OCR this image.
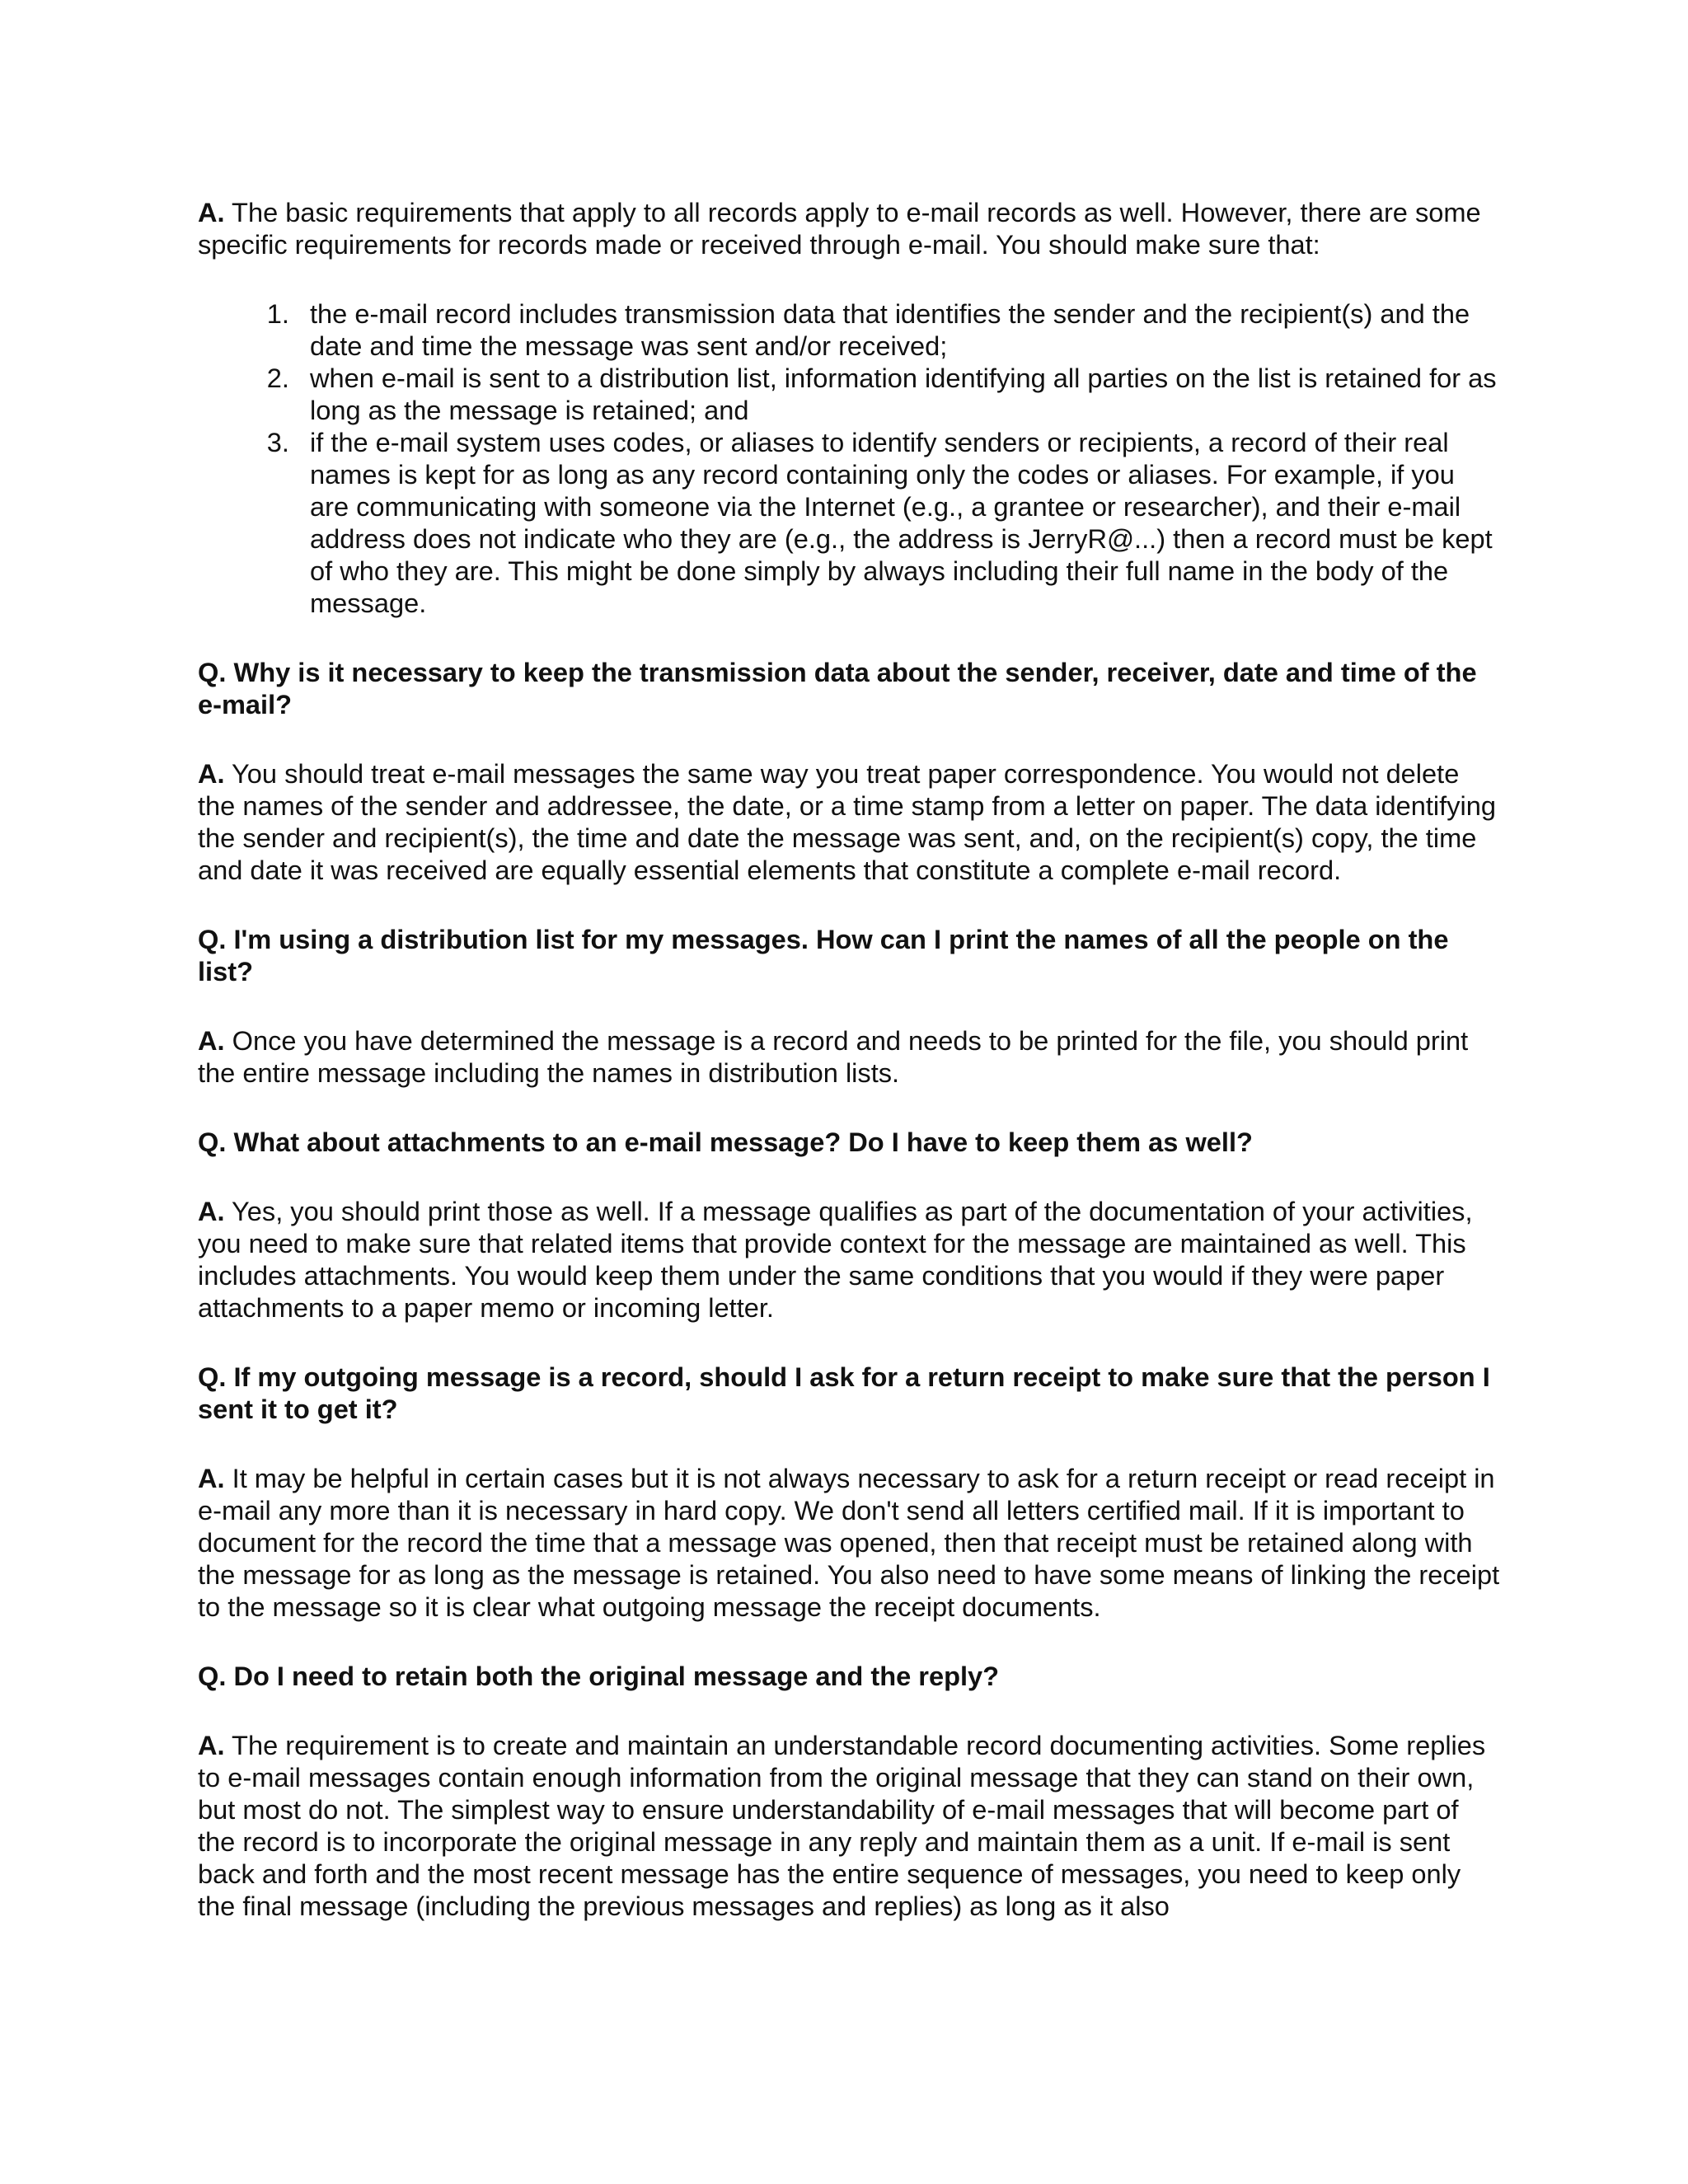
A. The basic requirements that apply to all records apply to e-mail records as well. However, there are some specific requirements for records made or received through e-mail. You should make sure that:

1. the e-mail record includes transmission data that identifies the sender and the recipient(s) and the date and time the message was sent and/or received;
2. when e-mail is sent to a distribution list, information identifying all parties on the list is retained for as long as the message is retained; and
3. if the e-mail system uses codes, or aliases to identify senders or recipients, a record of their real names is kept for as long as any record containing only the codes or aliases. For example, if you are communicating with someone via the Internet (e.g., a grantee or researcher), and their e-mail address does not indicate who they are (e.g., the address is JerryR@...) then a record must be kept of who they are. This might be done simply by always including their full name in the body of the message.

Q. Why is it necessary to keep the transmission data about the sender, receiver, date and time of the e-mail?

A. You should treat e-mail messages the same way you treat paper correspondence. You would not delete the names of the sender and addressee, the date, or a time stamp from a letter on paper. The data identifying the sender and recipient(s), the time and date the message was sent, and, on the recipient(s) copy, the time and date it was received are equally essential elements that constitute a complete e-mail record.

Q. I'm using a distribution list for my messages. How can I print the names of all the people on the list?

A. Once you have determined the message is a record and needs to be printed for the file, you should print the entire message including the names in distribution lists.

Q. What about attachments to an e-mail message? Do I have to keep them as well?

A. Yes, you should print those as well. If a message qualifies as part of the documentation of your activities, you need to make sure that related items that provide context for the message are maintained as well. This includes attachments. You would keep them under the same conditions that you would if they were paper attachments to a paper memo or incoming letter.

Q. If my outgoing message is a record, should I ask for a return receipt to make sure that the person I sent it to get it?

A. It may be helpful in certain cases but it is not always necessary to ask for a return receipt or read receipt in e-mail any more than it is necessary in hard copy. We don't send all letters certified mail. If it is important to document for the record the time that a message was opened, then that receipt must be retained along with the message for as long as the message is retained. You also need to have some means of linking the receipt to the message so it is clear what outgoing message the receipt documents.

Q. Do I need to retain both the original message and the reply?

A. The requirement is to create and maintain an understandable record documenting activities. Some replies to e-mail messages contain enough information from the original message that they can stand on their own, but most do not. The simplest way to ensure understandability of e-mail messages that will become part of the record is to incorporate the original message in any reply and maintain them as a unit. If e-mail is sent back and forth and the most recent message has the entire sequence of messages, you need to keep only the final message (including the previous messages and replies) as long as it also
